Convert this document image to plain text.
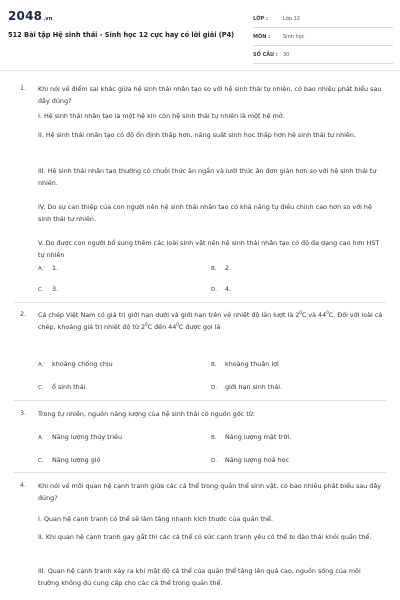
2048.vn
512 Bài tập Hệ sinh thái - Sinh học 12 cực hay có lời giải (P4)
LỚP :	Lớp 12
MÔN :	Sinh học
SỐ CÂU : 30
1. Khi nói về điểm sai khác giữa hệ sinh thái nhân tạo so với hệ sinh thái tự nhiên, có bao nhiêu phát biểu sau đây đúng?
I. Hệ sinh thái nhân tạo là một hệ kín còn hệ sinh thái tự nhiên là một hệ mở.
II. Hệ sinh thái nhân tạo có độ ổn định thấp hơn, năng suất sinh học thấp hơn hệ sinh thái tự nhiên.
III. Hệ sinh thái nhân tạo thường có chuỗi thức ăn ngắn và lưới thức ăn đơn giản hơn so với hệ sinh thái tự nhiên.
IV. Do sự can thiệp của con người nên hệ sinh thái nhân tạo có khả năng tự điều chỉnh cao hơn so với hệ sinh thái tự nhiên.
V. Do được con người bổ sung thêm các loài sinh vật nên hệ sinh thái nhân tạo có độ đa dạng cao hơn HST tự nhiên
A. 1.	B. 2.
C. 3.	D. 4.
2. Cá chép Việt Nam có giá trị giới hạn dưới và giới hạn trên về nhiệt độ lần lượt là $2^0C$ và $44^0C$. Đối với loài cá chép, khoảng giá trị nhiệt độ từ $2^0C$ đến $44^0C$ được gọi là
A. khoảng chống chịu	B. khoảng thuận lợi
C. ổ sinh thái.	D. giới hạn sinh thái.
3. Trong tự nhiên, nguồn năng lượng của hệ sinh thái có nguồn gốc từ:
A. Năng lượng thủy triều	B. Năng lượng mặt trời.
C. Năng lượng gió	D. Năng lượng hoá học
4. Khi nói về mối quan hệ cạnh tranh giữa các cá thể trong quần thể sinh vật, có bao nhiêu phát biểu sau đây đúng?
I. Quan hệ cạnh tranh có thể sẽ làm tăng nhanh kích thước của quần thể.
II. Khi quan hệ cạnh tranh gay gắt thì các cá thể có sức cạnh tranh yếu có thể bị đào thải khỏi quần thể.
III. Quan hệ cạnh tranh xảy ra khi mật độ cá thể của quần thể tăng lên quá cao, nguồn sống của môi trường không đủ cung cấp cho các cá thể trong quần thể.
